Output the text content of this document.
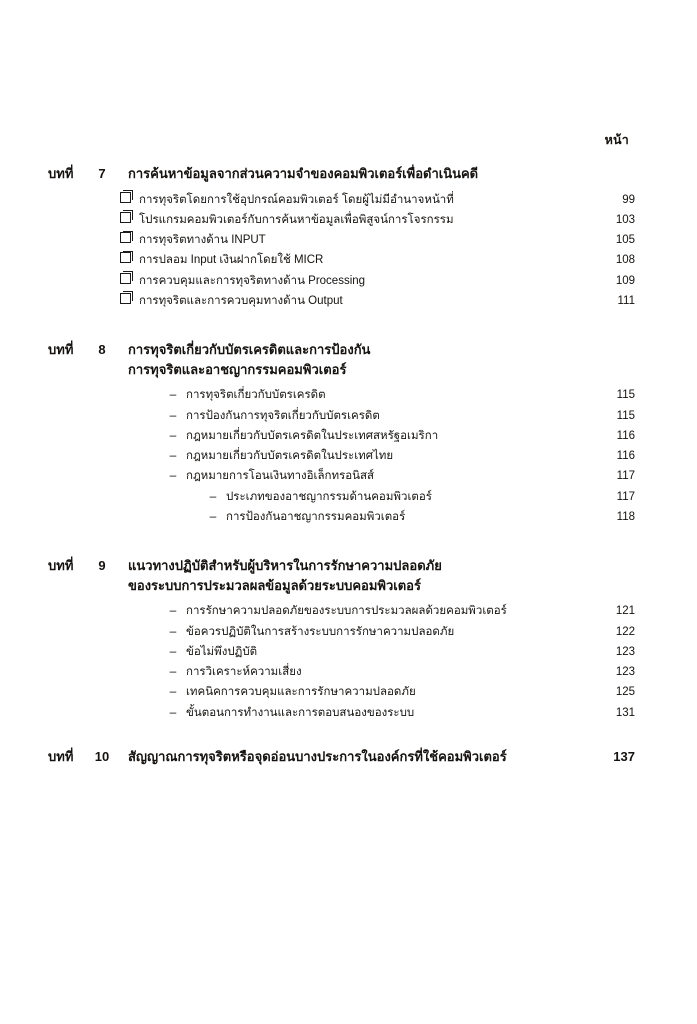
หน้า
บทที่	7	การค้นหาข้อมูลจากส่วนความจำของคอมพิวเตอร์เพื่อดำเนินคดี
การทุจริตโดยการใช้อุปกรณ์คอมพิวเตอร์ โดยผู้ไม่มีอำนาจหน้าที่	99
โปรแกรมคอมพิวเตอร์กับการค้นหาข้อมูลเพื่อพิสูจน์การโจรกรรม	103
การทุจริตทางด้าน INPUT	105
การปลอม Input เงินฝากโดยใช้ MICR	108
การควบคุมและการทุจริตทางด้าน Processing	109
การทุจริตและการควบคุมทางด้าน Output	111
บทที่	8	การทุจริตเกี่ยวกับบัตรเครดิตและการป้องกัน
การทุจริตและอาชญากรรมคอมพิวเตอร์
– การทุจริตเกี่ยวกับบัตรเครดิต	115
– การป้องกันการทุจริตเกี่ยวกับบัตรเครดิต	115
– กฎหมายเกี่ยวกับบัตรเครดิตในประเทศสหรัฐอเมริกา	116
– กฎหมายเกี่ยวกับบัตรเครดิตในประเทศไทย	116
– กฎหมายการโอนเงินทางอิเล็กทรอนิสส์	117
– ประเภทของอาชญากรรมด้านคอมพิวเตอร์	117
– การป้องกันอาชญากรรมคอมพิวเตอร์	118
บทที่	9	แนวทางปฏิบัติสำหรับผู้บริหารในการรักษาความปลอดภัย
ของระบบการประมวลผลข้อมูลด้วยระบบคอมพิวเตอร์
– การรักษาความปลอดภัยของระบบการประมวลผลด้วยคอมพิวเตอร์	121
– ข้อควรปฏิบัติในการสร้างระบบการรักษาความปลอดภัย	122
– ข้อไม่พึงปฏิบัติ	123
– การวิเคราะห์ความเสี่ยง	123
– เทคนิคการควบคุมและการรักษาความปลอดภัย	125
– ขั้นตอนการทำงานและการตอบสนองของระบบ	131
บทที่	10	สัญญาณการทุจริตหรือจุดอ่อนบางประการในองค์กรที่ใช้คอมพิวเตอร์	137
